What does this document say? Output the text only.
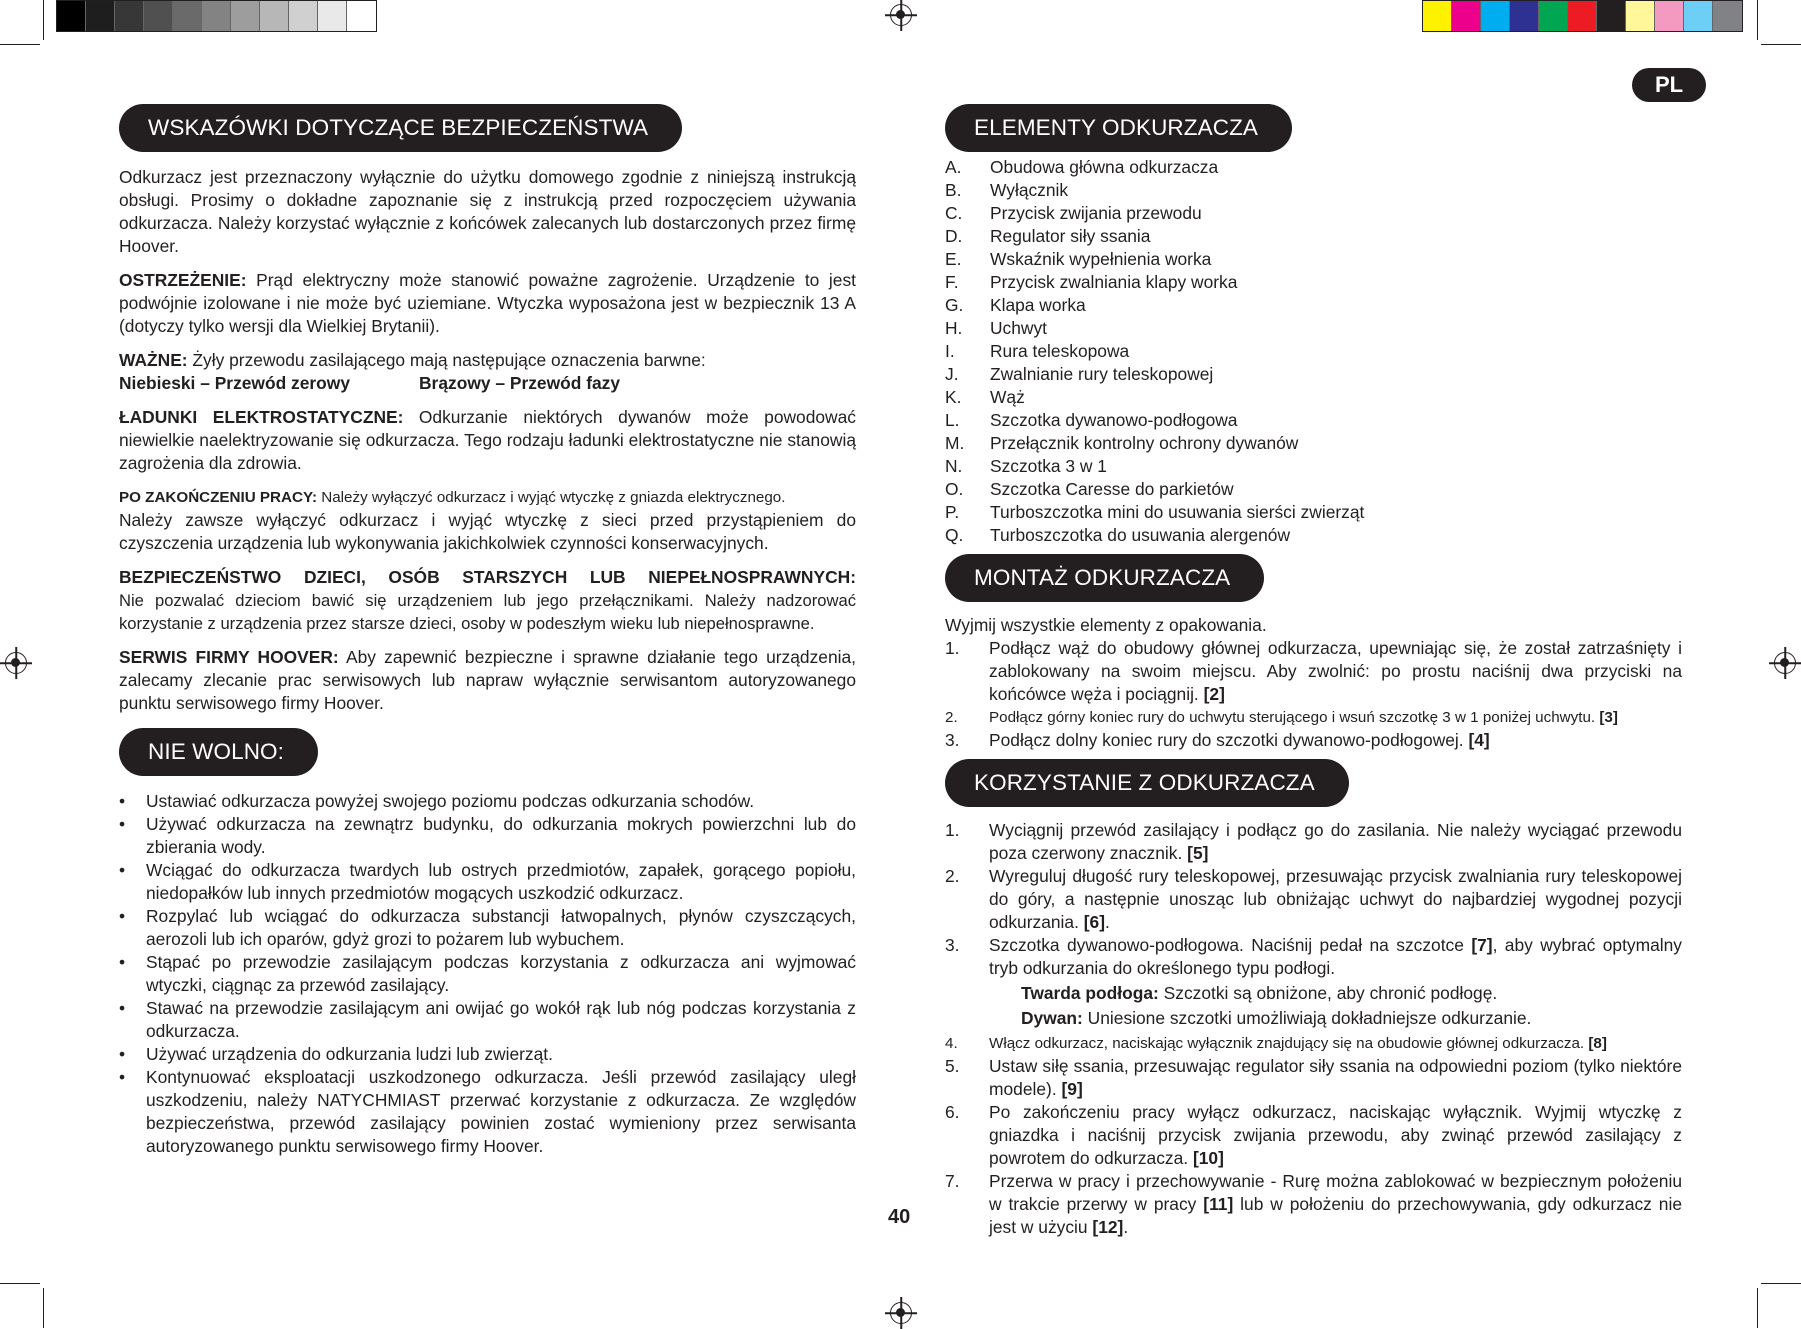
PL
WSKAZÓWKI DOTYCZĄCE BEZPIECZEŃSTWA

Odkurzacz jest przeznaczony wyłącznie do użytku domowego zgodnie z niniejszą instrukcją obsługi. Prosimy o dokładne zapoznanie się z instrukcją przed rozpoczęciem używania odkurzacza. Należy korzystać wyłącznie z końcówek zalecanych lub dostarczonych przez firmę Hoover.

OSTRZEŻENIE: Prąd elektryczny może stanowić poważne zagrożenie. Urządzenie to jest podwójnie izolowane i nie może być uziemiane. Wtyczka wyposażona jest w bezpiecznik 13 A (dotyczy tylko wersji dla Wielkiej Brytanii).

WAŻNE: Żyły przewodu zasilającego mają następujące oznaczenia barwne:

Niebieski – Przewód zerowy	Brązowy – Przewód fazy

ŁADUNKI ELEKTROSTATYCZNE: Odkurzanie niektórych dywanów może powodować niewielkie naelektryzowanie się odkurzacza. Tego rodzaju ładunki elektrostatyczne nie stanowią zagrożenia dla zdrowia.

PO ZAKOŃCZENIU PRACY: Należy wyłączyć odkurzacz i wyjąć wtyczkę z gniazda elektrycznego.

Należy zawsze wyłączyć odkurzacz i wyjąć wtyczkę z sieci przed przystąpieniem do czyszczenia urządzenia lub wykonywania jakichkolwiek czynności konserwacyjnych.

BEZPIECZEŃSTWO DZIECI, OSÓB STARSZYCH LUB NIEPEŁNOSPRAWNYCH:

Nie pozwalać dzieciom bawić się urządzeniem lub jego przełącznikami. Należy nadzorować korzystanie z urządzenia przez starsze dzieci, osoby w podeszłym wieku lub niepełnosprawne.

SERWIS FIRMY HOOVER: Aby zapewnić bezpieczne i sprawne działanie tego urządzenia, zalecamy zlecanie prac serwisowych lub napraw wyłącznie serwisantom autoryzowanego punktu serwisowego firmy Hoover.

NIE WOLNO:
•	Ustawiać odkurzacza powyżej swojego poziomu podczas odkurzania schodów.
•	Używać odkurzacza na zewnątrz budynku, do odkurzania mokrych powierzchni lub do zbierania wody.
•	Wciągać do odkurzacza twardych lub ostrych przedmiotów, zapałek, gorącego popiołu, niedopałków lub innych przedmiotów mogących uszkodzić odkurzacz.
•	Rozpylać lub wciągać do odkurzacza substancji łatwopalnych, płynów czyszczących, aerozoli lub ich oparów, gdyż grozi to pożarem lub wybuchem.
•	Stąpać po przewodzie zasilającym podczas korzystania z odkurzacza ani wyjmować wtyczki, ciągnąc za przewód zasilający.
•	Stawać na przewodzie zasilającym ani owijać go wokół rąk lub nóg podczas korzystania z odkurzacza.
•	Używać urządzenia do odkurzania ludzi lub zwierząt.
•	Kontynuować eksploatacji uszkodzonego odkurzacza. Jeśli przewód zasilający uległ uszkodzeniu, należy NATYCHMIAST przerwać korzystanie z odkurzacza. Ze względów bezpieczeństwa, przewód zasilający powinien zostać wymieniony przez serwisanta autoryzowanego punktu serwisowego firmy Hoover.
ELEMENTY ODKURZACZA
A.	Obudowa główna odkurzacza
B.	Wyłącznik
C.	Przycisk zwijania przewodu
D.	Regulator siły ssania
E.	Wskaźnik wypełnienia worka
F.	Przycisk zwalniania klapy worka
G.	Klapa worka
H.	Uchwyt
I.	Rura teleskopowa
J.	Zwalnianie rury teleskopowej
K.	Wąż
L.	Szczotka dywanowo-podłogowa
M.	Przełącznik kontrolny ochrony dywanów
N.	Szczotka 3 w 1
O.	Szczotka Caresse do parkietów
P.	Turboszczotka mini do usuwania sierści zwierząt
Q.	Turboszczotka do usuwania alergenów
MONTAŻ ODKURZACZA

Wyjmij wszystkie elementy z opakowania.

1.	Podłącz wąż do obudowy głównej odkurzacza, upewniając się, że został zatrzaśnięty i zablokowany na swoim miejscu. Aby zwolnić: po prostu naciśnij dwa przyciski na końcówce węża i pociągnij. [2]
2.	Podłącz górny koniec rury do uchwytu sterującego i wsuń szczotkę 3 w 1 poniżej uchwytu. [3]
3.	Podłącz dolny koniec rury do szczotki dywanowo-podłogowej. [4]
KORZYSTANIE Z ODKURZACZA
1.	Wyciągnij przewód zasilający i podłącz go do zasilania. Nie należy wyciągać przewodu poza czerwony znacznik. [5]
2.	Wyreguluj długość rury teleskopowej, przesuwając przycisk zwalniania rury teleskopowej do góry, a następnie unosząc lub obniżając uchwyt do najbardziej wygodnej pozycji odkurzania. [6].
3.	Szczotka dywanowo-podłogowa. Naciśnij pedał na szczotce [7], aby wybrać optymalny tryb odkurzania do określonego typu podłogi.

Twarda podłoga: Szczotki są obniżone, aby chronić podłogę.

Dywan: Uniesione szczotki umożliwiają dokładniejsze odkurzanie.

4.	Włącz odkurzacz, naciskając wyłącznik znajdujący się na obudowie głównej odkurzacza. [8]
5.	Ustaw siłę ssania, przesuwając regulator siły ssania na odpowiedni poziom (tylko niektóre modele). [9]
6.	Po zakończeniu pracy wyłącz odkurzacz, naciskając wyłącznik. Wyjmij wtyczkę z gniazdka i naciśnij przycisk zwijania przewodu, aby zwinąć przewód zasilający z powrotem do odkurzacza. [10]
7.	Przerwa w pracy i przechowywanie - Rurę można zablokować w bezpiecznym położeniu w trakcie przerwy w pracy [11] lub w położeniu do przechowywania, gdy odkurzacz nie jest w użyciu [12].
40
